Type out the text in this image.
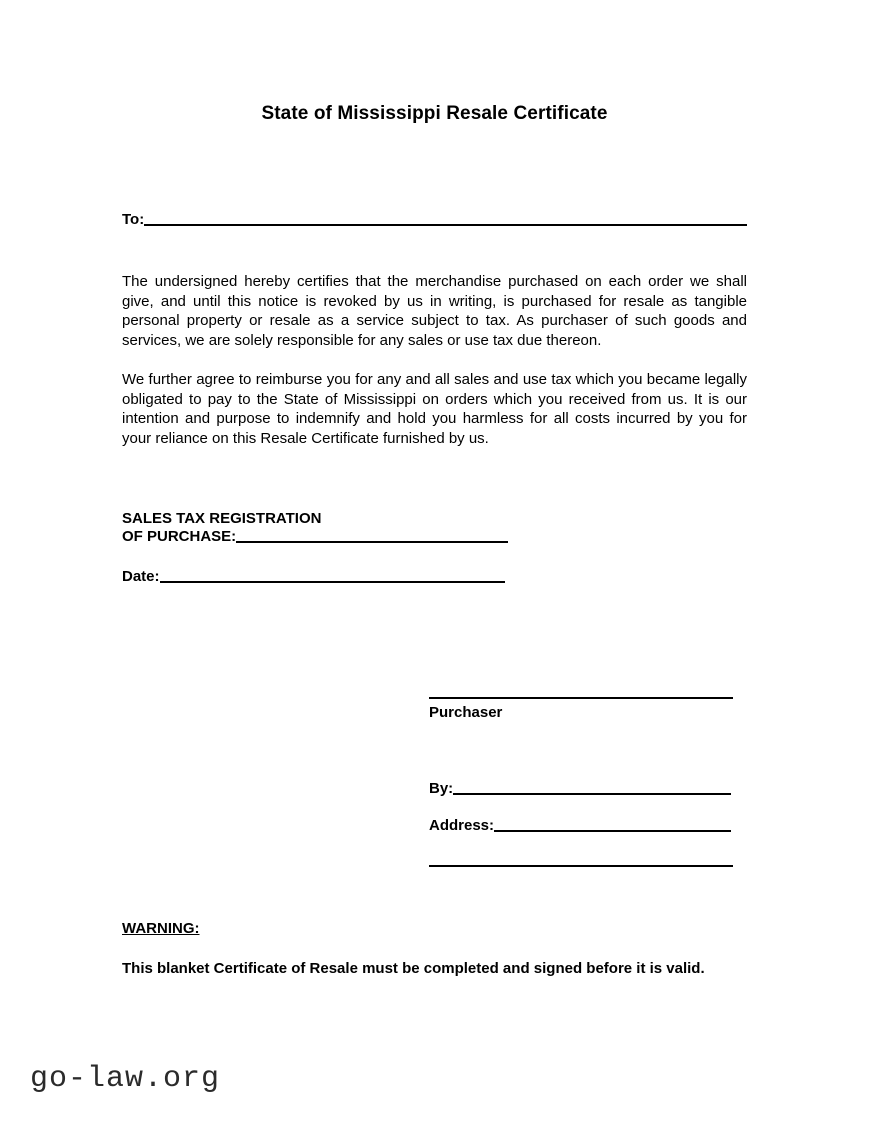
State of Mississippi Resale Certificate
To:

The undersigned hereby certifies that the merchandise purchased on each order we shall give, and until this notice is revoked by us in writing, is purchased for resale as tangible personal property or resale as a service subject to tax. As purchaser of such goods and services, we are solely responsible for any sales or use tax due thereon.

We further agree to reimburse you for any and all sales and use tax which you became legally obligated to pay to the State of Mississippi on orders which you received from us. It is our intention and purpose to indemnify and hold you harmless for all costs incurred by you for your reliance on this Resale Certificate furnished by us.

SALES TAX REGISTRATION
OF PURCHASE:
Date:
Purchaser
By:
Address:
WARNING:
This blanket Certificate of Resale must be completed and signed before it is valid.
go-law.org
